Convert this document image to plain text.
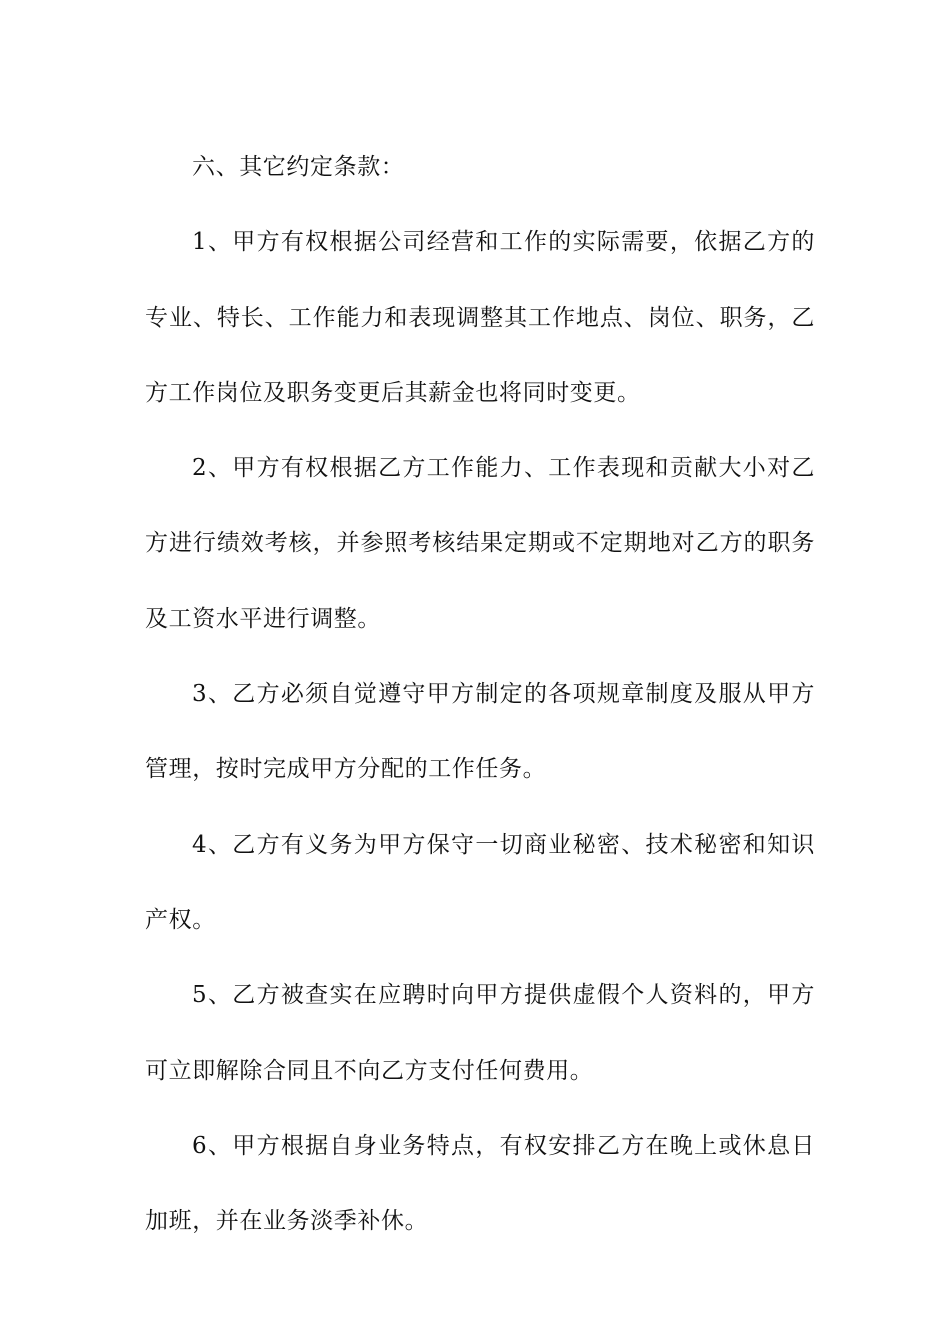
六、其它约定条款：

1、甲方有权根据公司经营和工作的实际需要，依据乙方的专业、特长、工作能力和表现调整其工作地点、岗位、职务，乙方工作岗位及职务变更后其薪金也将同时变更。

2、甲方有权根据乙方工作能力、工作表现和贡献大小对乙方进行绩效考核，并参照考核结果定期或不定期地对乙方的职务及工资水平进行调整。

3、乙方必须自觉遵守甲方制定的各项规章制度及服从甲方管理，按时完成甲方分配的工作任务。

4、乙方有义务为甲方保守一切商业秘密、技术秘密和知识产权。

5、乙方被查实在应聘时向甲方提供虚假个人资料的，甲方可立即解除合同且不向乙方支付任何费用。

6、甲方根据自身业务特点，有权安排乙方在晚上或休息日加班，并在业务淡季补休。
